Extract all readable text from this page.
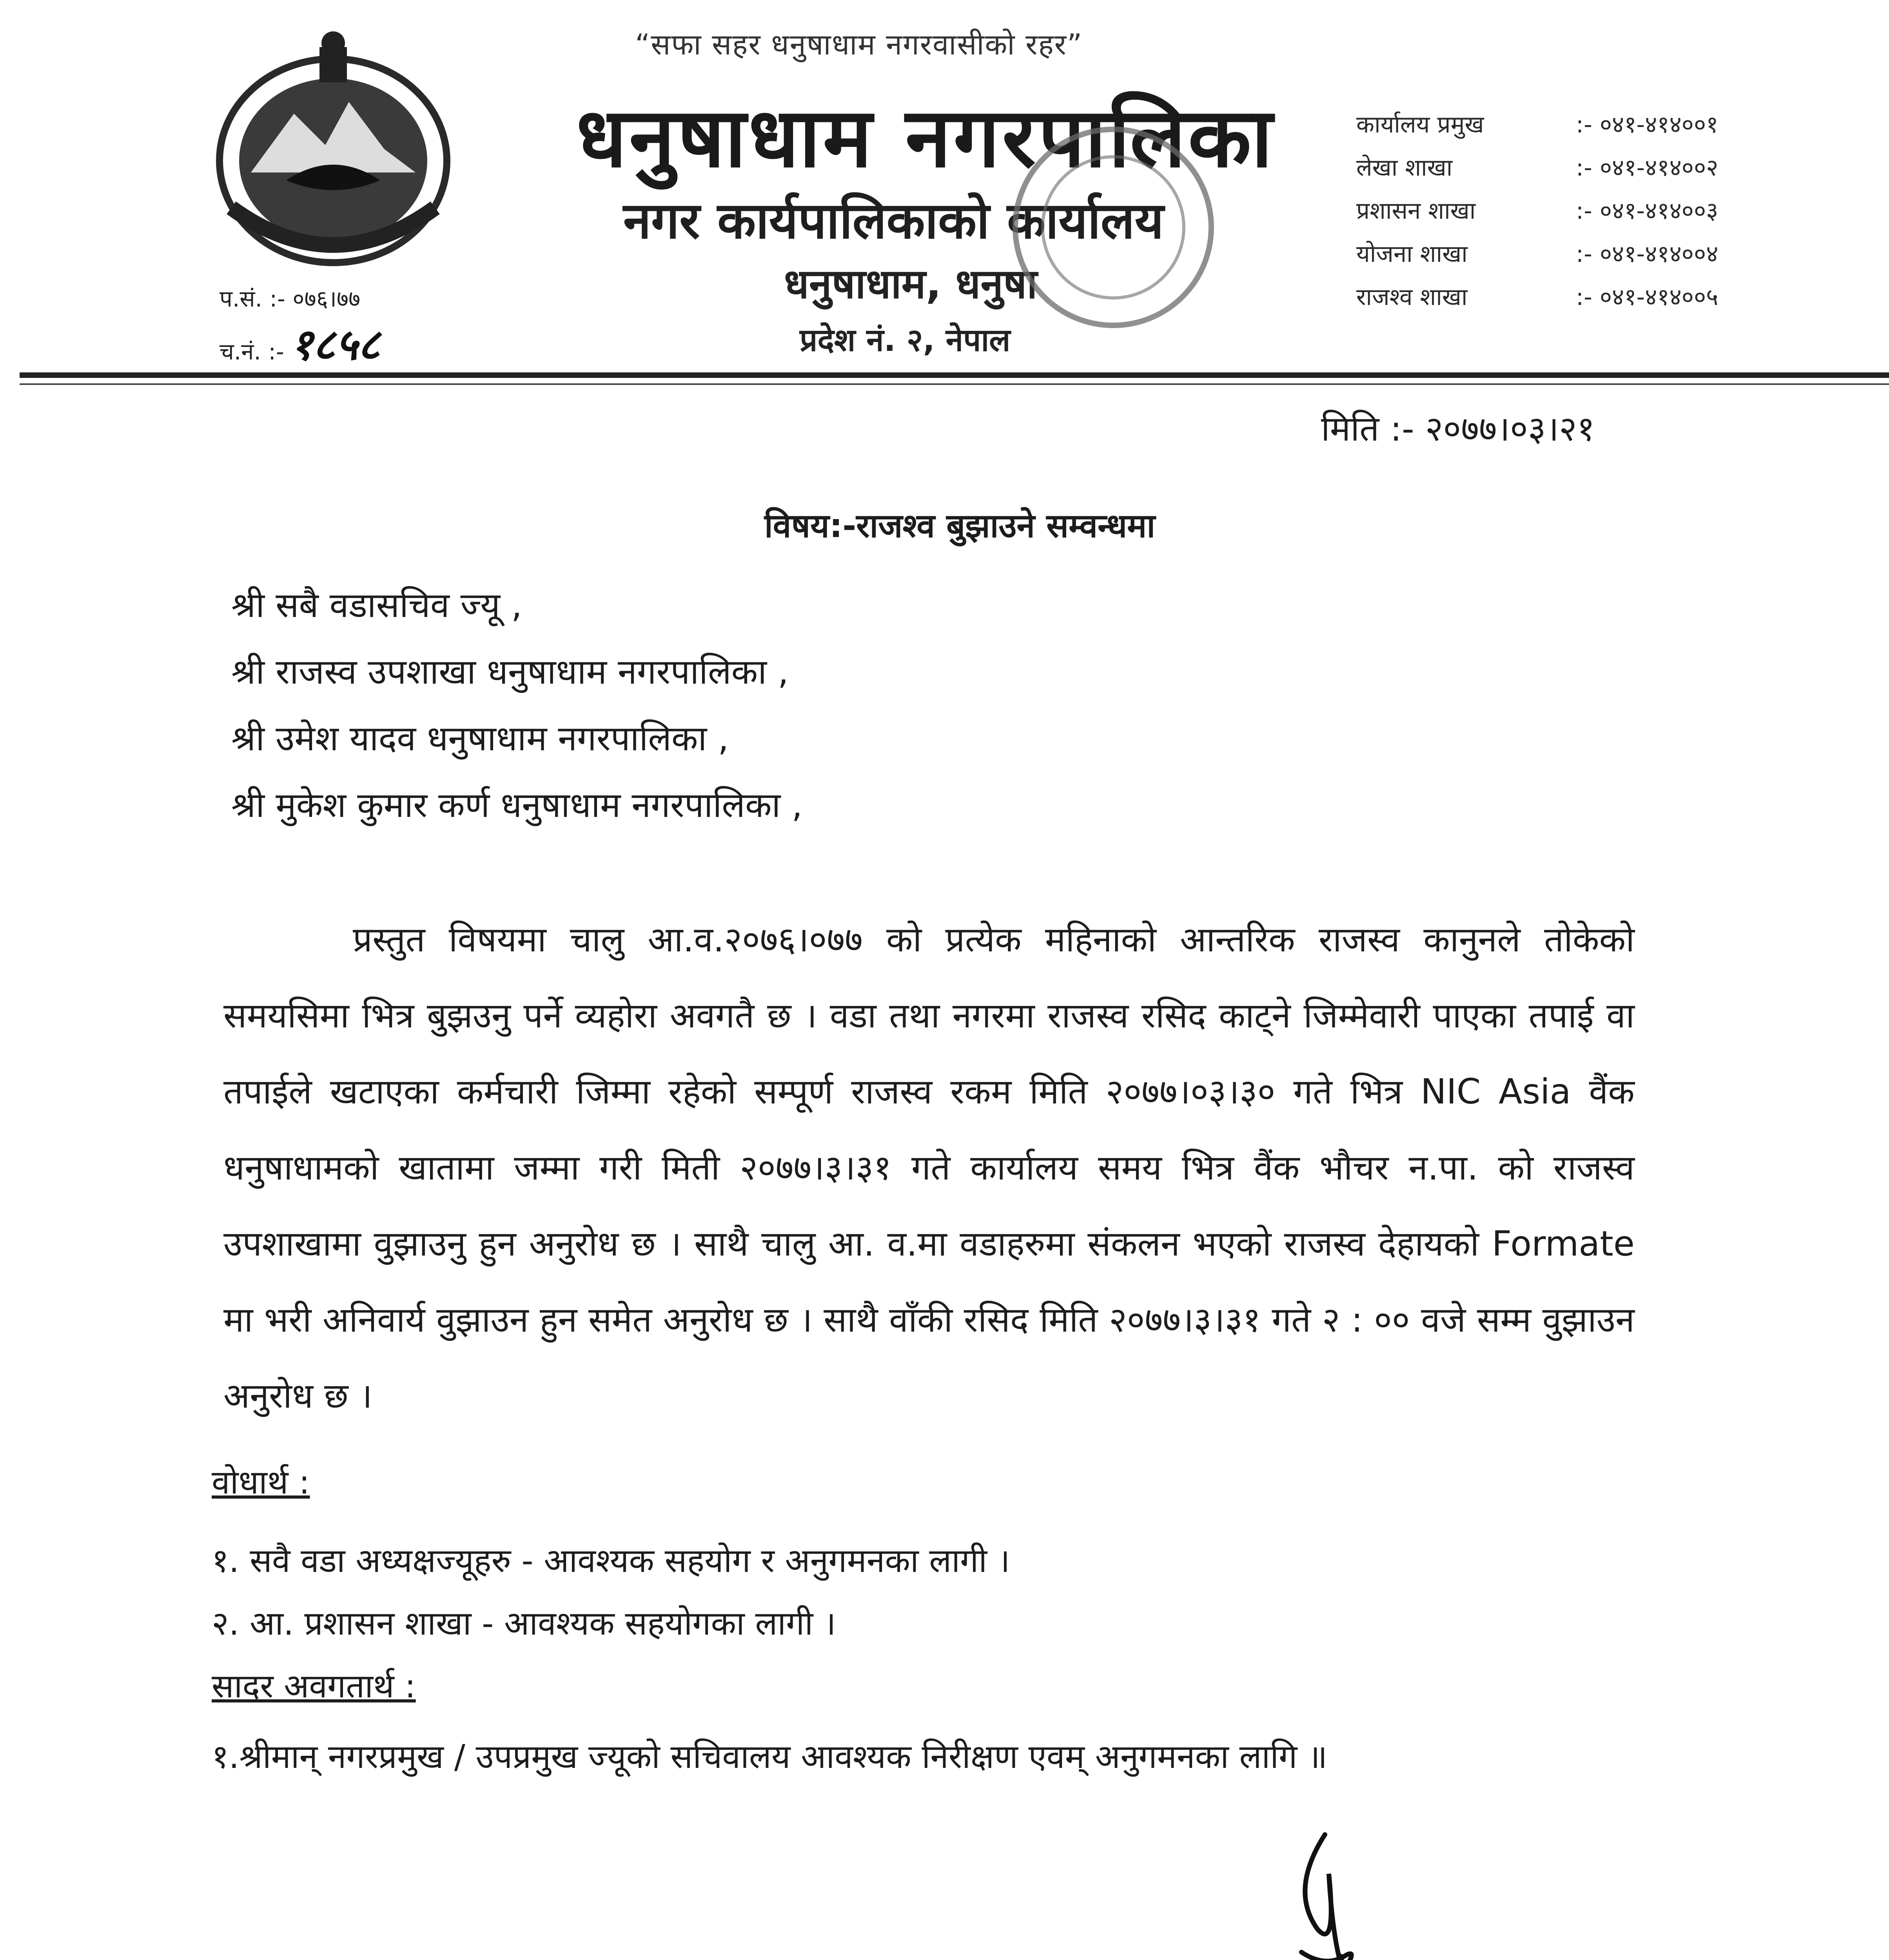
“सफा सहर धनुषाधाम नगरवासीको रहर”
धनुषाधाम नगरपालिका
नगर कार्यपालिकाको कार्यालय
धनुषाधाम, धनुषा
प्रदेश नं. २, नेपाल
प.सं. :- ०७६।७७
च.नं. :- १८५८
कार्यालय प्रमुख	:- ०४१-४१४००१
लेखा शाखा	:- ०४१-४१४००२
प्रशासन शाखा	:- ०४१-४१४००३
योजना शाखा	:- ०४१-४१४००४
राजश्व शाखा	:- ०४१-४१४००५
मिति :- २०७७।०३।२१
विषय:-राजश्व बुझाउने सम्वन्धमा
श्री सबै वडासचिव ज्यू ,
श्री राजस्व उपशाखा धनुषाधाम नगरपालिका ,
श्री उमेश यादव धनुषाधाम नगरपालिका ,
श्री मुकेश कुमार कर्ण धनुषाधाम नगरपालिका ,

प्रस्तुत विषयमा चालु आ.व.२०७६।०७७ को प्रत्येक महिनाको आन्तरिक राजस्व कानुनले तोकेको समयसिमा भित्र बुझउनु पर्ने व्यहोरा अवगतै छ । वडा तथा नगरमा राजस्व रसिद काट्ने जिम्मेवारी पाएका तपाई वा तपाईले खटाएका कर्मचारी जिम्मा रहेको सम्पूर्ण राजस्व रकम मिति २०७७।०३।३० गते भित्र NIC Asia वैंक धनुषाधामको खातामा जम्मा गरी मिती २०७७।३।३१ गते कार्यालय समय भित्र वैंक भौचर न.पा. को राजस्व उपशाखामा वुझाउनु हुन अनुरोध छ । साथै चालु आ. व.मा वडाहरुमा संकलन भएको राजस्व देहायको Formate मा भरी अनिवार्य वुझाउन हुन समेत अनुरोध छ । साथै वाँकी रसिद मिति २०७७।३।३१ गते २ : ०० वजे सम्म वुझाउन अनुरोध छ ।

वोधार्थ :
१. सवै वडा अध्यक्षज्यूहरु - आवश्यक सहयोग र अनुगमनका लागी ।
२. आ. प्रशासन शाखा - आवश्यक सहयोगका लागी ।
सादर अवगतार्थ :
१.श्रीमान् नगरप्रमुख / उपप्रमुख ज्यूको सचिवालय आवश्यक निरीक्षण एवम् अनुगमनका लागि ॥
